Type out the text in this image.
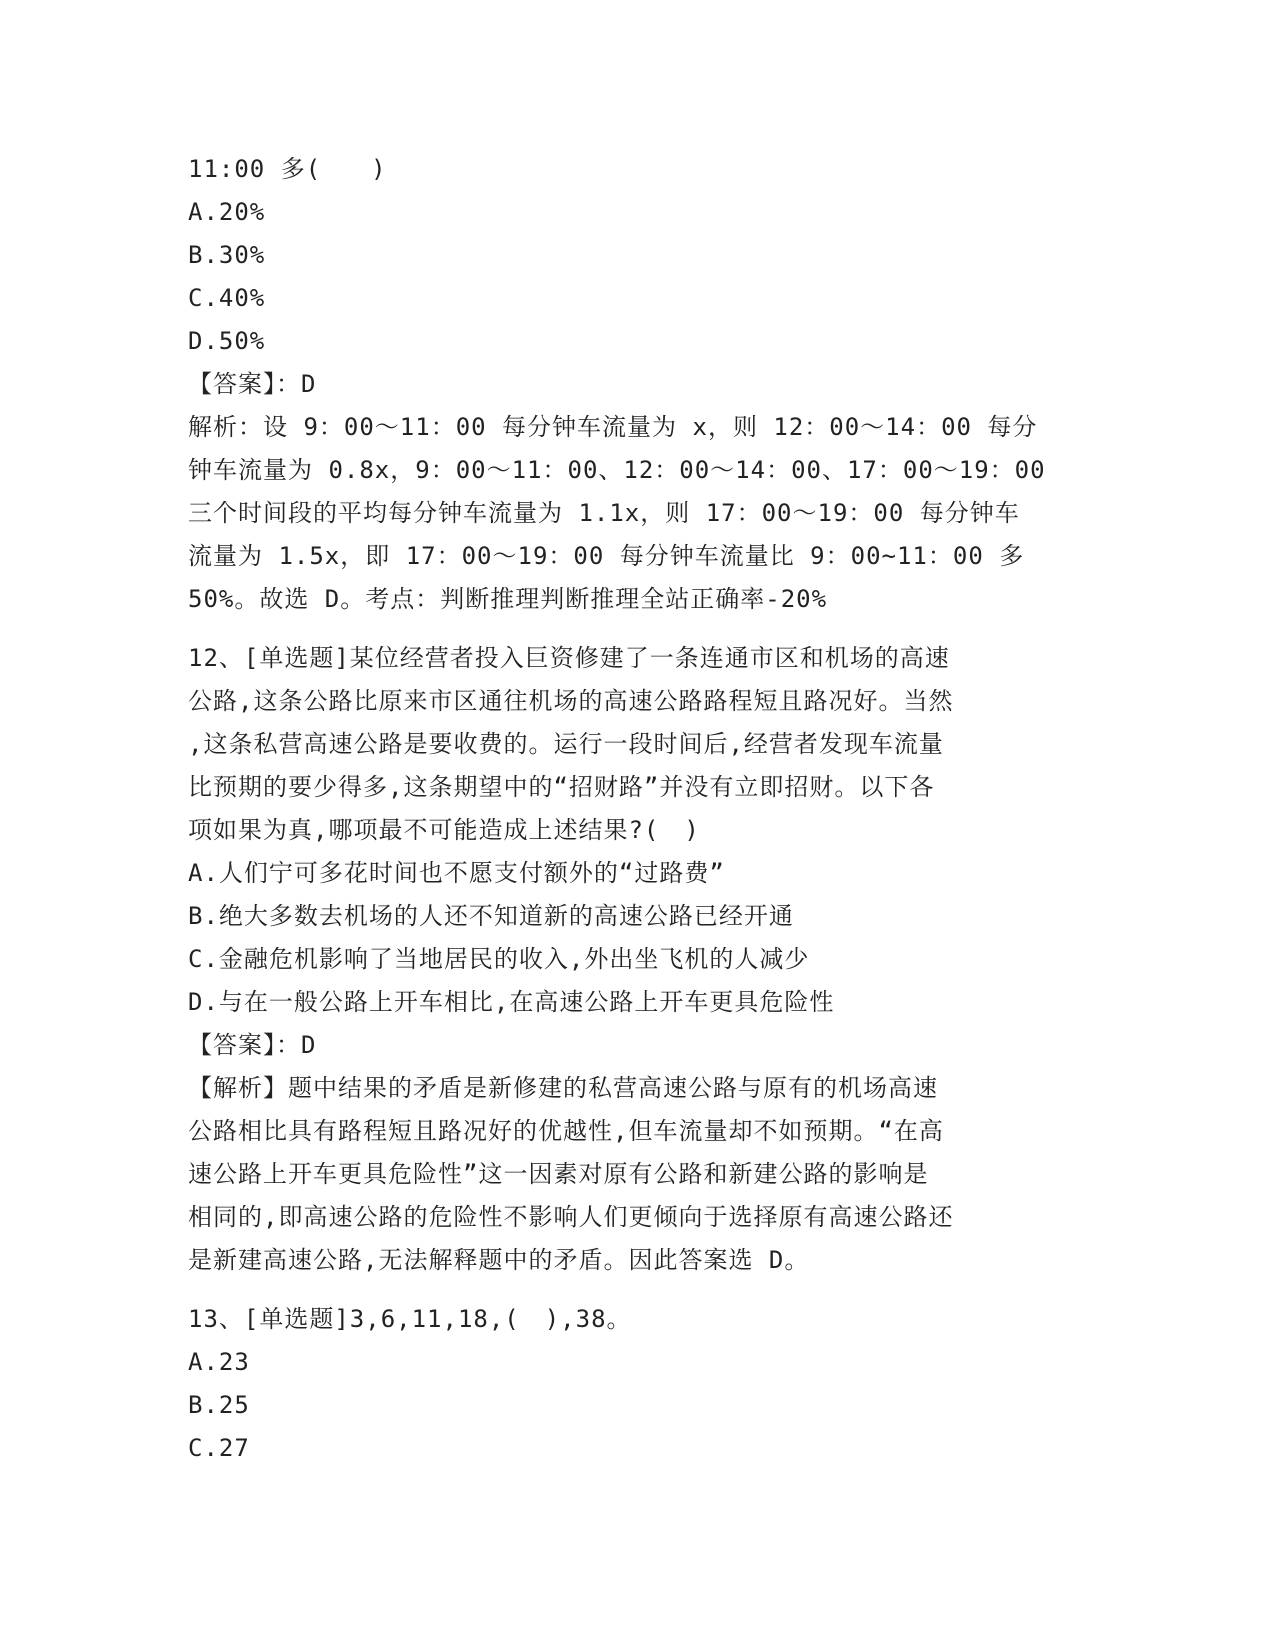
11:00 多(　　)
A.20%
B.30%
C.40%
D.50%
【答案】：D
解析：设 9：00～11：00 每分钟车流量为 x，则 12：00～14：00 每分
钟车流量为 0.8x，9：00～11：00、12：00～14：00、17：00～19：00
三个时间段的平均每分钟车流量为 1.1x，则 17：00～19：00 每分钟车
流量为 1.5x，即 17：00～19：00 每分钟车流量比 9：00~11：00 多
50%。故选 D。考点：判断推理判断推理全站正确率-20%
12、[单选题]某位经营者投入巨资修建了一条连通市区和机场的高速
公路,这条公路比原来市区通往机场的高速公路路程短且路况好。当然
,这条私营高速公路是要收费的。运行一段时间后,经营者发现车流量
比预期的要少得多,这条期望中的“招财路”并没有立即招财。以下各
项如果为真,哪项最不可能造成上述结果?(　)
A.人们宁可多花时间也不愿支付额外的“过路费”
B.绝大多数去机场的人还不知道新的高速公路已经开通
C.金融危机影响了当地居民的收入,外出坐飞机的人减少
D.与在一般公路上开车相比,在高速公路上开车更具危险性
【答案】：D
【解析】题中结果的矛盾是新修建的私营高速公路与原有的机场高速
公路相比具有路程短且路况好的优越性,但车流量却不如预期。“在高
速公路上开车更具危险性”这一因素对原有公路和新建公路的影响是
相同的,即高速公路的危险性不影响人们更倾向于选择原有高速公路还
是新建高速公路,无法解释题中的矛盾。因此答案选 D。
13、[单选题]3,6,11,18,(　),38。
A.23
B.25
C.27
